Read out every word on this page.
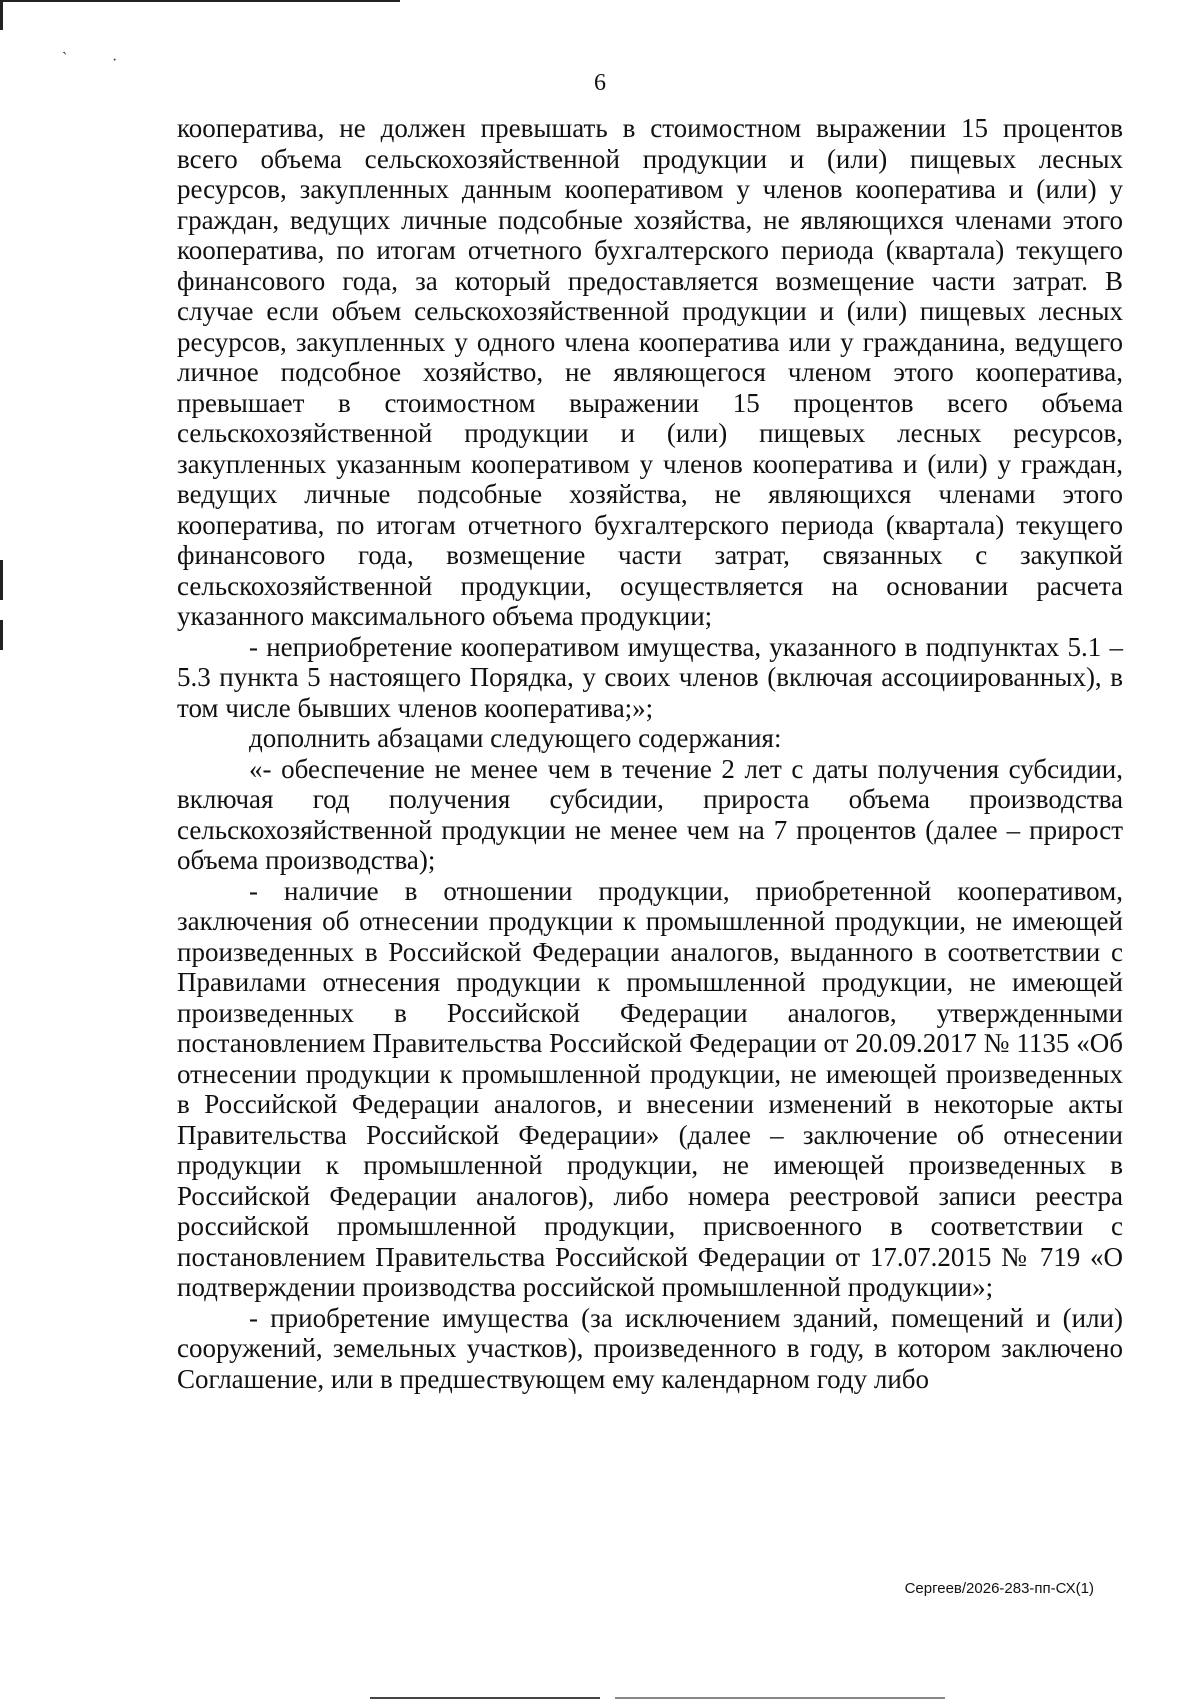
ˋ	·
6

кооператива, не должен превышать в стоимостном выражении 15 процентов всего объема сельскохозяйственной продукции и (или) пищевых лесных ресурсов, закупленных данным кооперативом у членов кооператива и (или) у граждан, ведущих личные подсобные хозяйства, не являющихся членами этого кооператива, по итогам отчетного бухгалтерского периода (квартала) текущего финансового года, за который предоставляется возмещение части затрат. В случае если объем сельскохозяйственной продукции и (или) пищевых лесных ресурсов, закупленных у одного члена кооператива или у гражданина, ведущего личное подсобное хозяйство, не являющегося членом этого кооператива, превышает в стоимостном выражении 15 процентов всего объема сельскохозяйственной продукции и (или) пищевых лесных ресурсов, закупленных указанным кооперативом у членов кооператива и (или) у граждан, ведущих личные подсобные хозяйства, не являющихся членами этого кооператива, по итогам отчетного бухгалтерского периода (квартала) текущего финансового года, возмещение части затрат, связанных с закупкой сельскохозяйственной продукции, осуществляется на основании расчета указанного максимального объема продукции;

- неприобретение кооперативом имущества, указанного в подпунктах 5.1 – 5.3 пункта 5 настоящего Порядка, у своих членов (включая ассоциированных), в том числе бывших членов кооператива;»;

дополнить абзацами следующего содержания:

«- обеспечение не менее чем в течение 2 лет с даты получения субсидии, включая год получения субсидии, прироста объема производства сельскохозяйственной продукции не менее чем на 7 процентов (далее – прирост объема производства);

- наличие в отношении продукции, приобретенной кооперативом, заключения об отнесении продукции к промышленной продукции, не имеющей произведенных в Российской Федерации аналогов, выданного в соответствии с Правилами отнесения продукции к промышленной продукции, не имеющей произведенных в Российской Федерации аналогов, утвержденными постановлением Правительства Российской Федерации от 20.09.2017 № 1135 «Об отнесении продукции к промышленной продукции, не имеющей произведенных в Российской Федерации аналогов, и внесении изменений в некоторые акты Правительства Российской Федерации» (далее – заключение об отнесении продукции к промышленной продукции, не имеющей произведенных в Российской Федерации аналогов), либо номера реестровой записи реестра российской промышленной продукции, присвоенного в соответствии с постановлением Правительства Российской Федерации от 17.07.2015 № 719 «О подтверждении производства российской промышленной продукции»;

- приобретение имущества (за исключением зданий, помещений и (или) сооружений, земельных участков), произведенного в году, в котором заключено Соглашение, или в предшествующем ему календарном году либо

Сергеев/2026-283-пп-СХ(1)
